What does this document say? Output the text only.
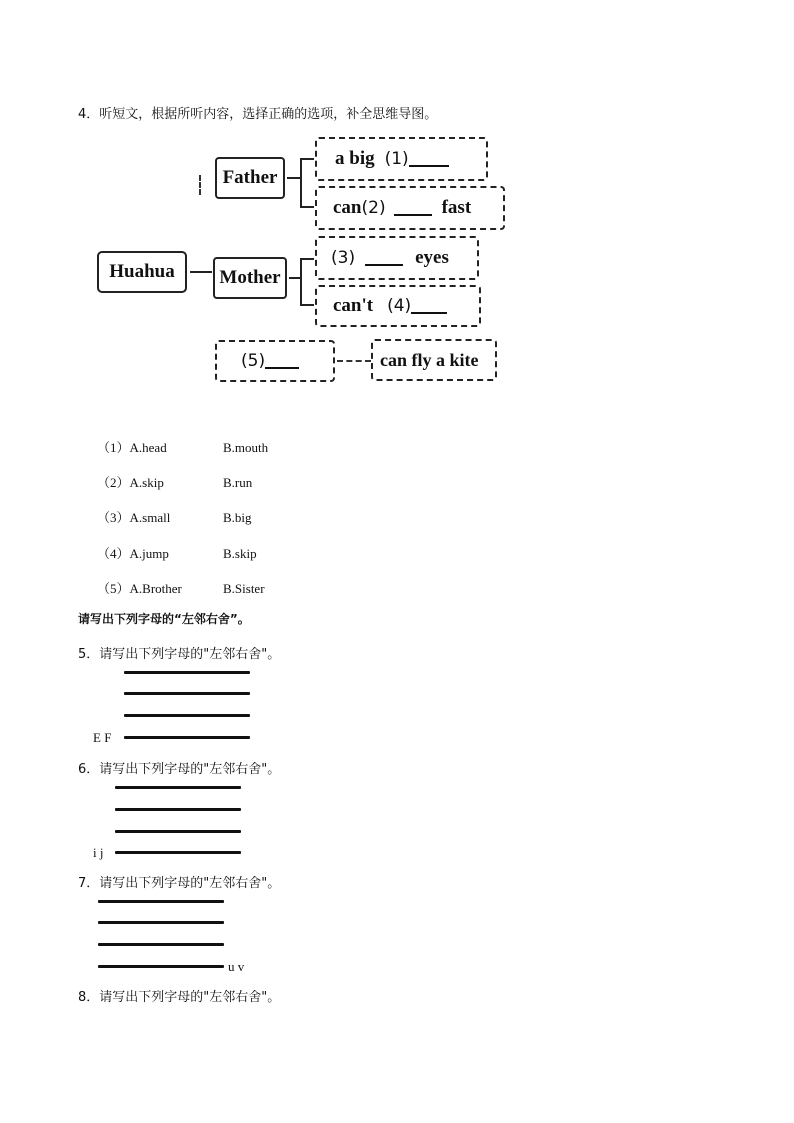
4．听短文，根据所听内容，选择正确的选项，补全思维导图。
Huahua
Father
a big (1)
can (2)	fast
Mother
(3)	eyes
can't (4)
(5)	can fly a kite
（1）A.head	B.mouth
（2）A.skip	B.run
（3）A.small	B.big
（4）A.jump	B.skip
（5）A.Brother	B.Sister
请写出下列字母的“左邻右舍”。
5．请写出下列字母的"左邻右舍"。
E F
6．请写出下列字母的"左邻右舍"。
i j
7．请写出下列字母的"左邻右舍"。
u v
8．请写出下列字母的"左邻右舍"。
